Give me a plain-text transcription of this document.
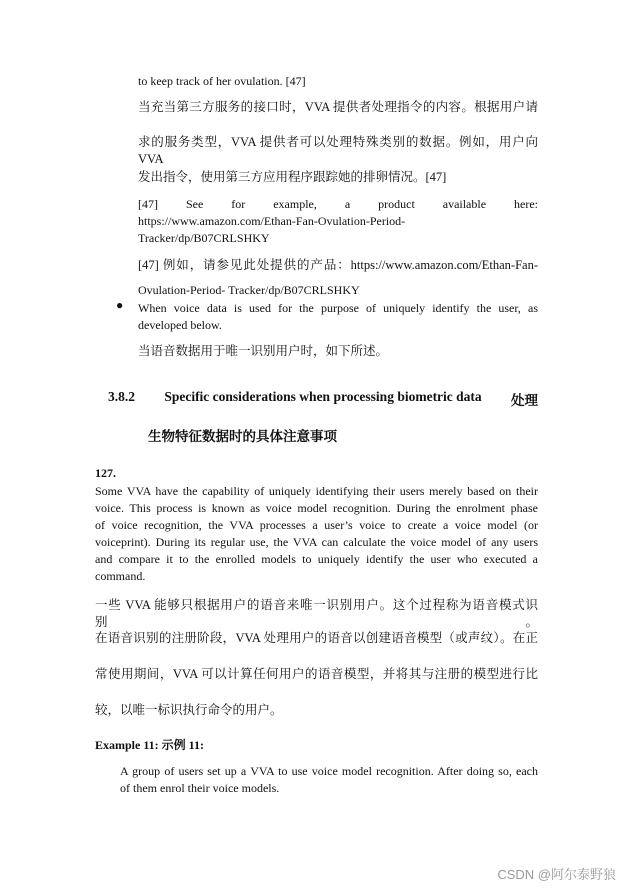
to keep track of her ovulation. [47]

当充当第三方服务的接口时，VVA 提供者处理指令的内容。根据用户请

求的服务类型，VVA 提供者可以处理特殊类别的数据。例如，用户向 VVA

发出指令，使用第三方应用程序跟踪她的排卵情况。[47]

[47] See for example, a product available here:

https://www.amazon.com/Ethan-Fan-Ovulation-Period-

Tracker/dp/B07CRLSHKY

[47] 例如，请参见此处提供的产品：https://www.amazon.com/Ethan-Fan-

Ovulation-Period- Tracker/dp/B07CRLSHKY

● When voice data is used for the purpose of uniquely identify the user, as

developed below.

当语音数据用于唯一识别用户时，如下所述。

3.8.2 Specific considerations when processing biometric data 处理

生物特征数据时的具体注意事项

127.

Some VVA have the capability of uniquely identifying their users merely based on their

voice. This process is known as voice model recognition. During the enrolment phase

of voice recognition, the VVA processes a user’s voice to create a voice model (or

voiceprint). During its regular use, the VVA can calculate the voice model of any users

and compare it to the enrolled models to uniquely identify the user who executed a

command.

一些 VVA 能够只根据用户的语音来唯一识别用户。这个过程称为语音模式识别。

在语音识别的注册阶段，VVA 处理用户的语音以创建语音模型（或声纹）。在正

常使用期间，VVA 可以计算任何用户的语音模型，并将其与注册的模型进行比

较，以唯一标识执行命令的用户。

Example 11: 示例 11:

A group of users set up a VVA to use voice model recognition. After doing so, each

of them enrol their voice models.

CSDN @阿尔泰野狼
